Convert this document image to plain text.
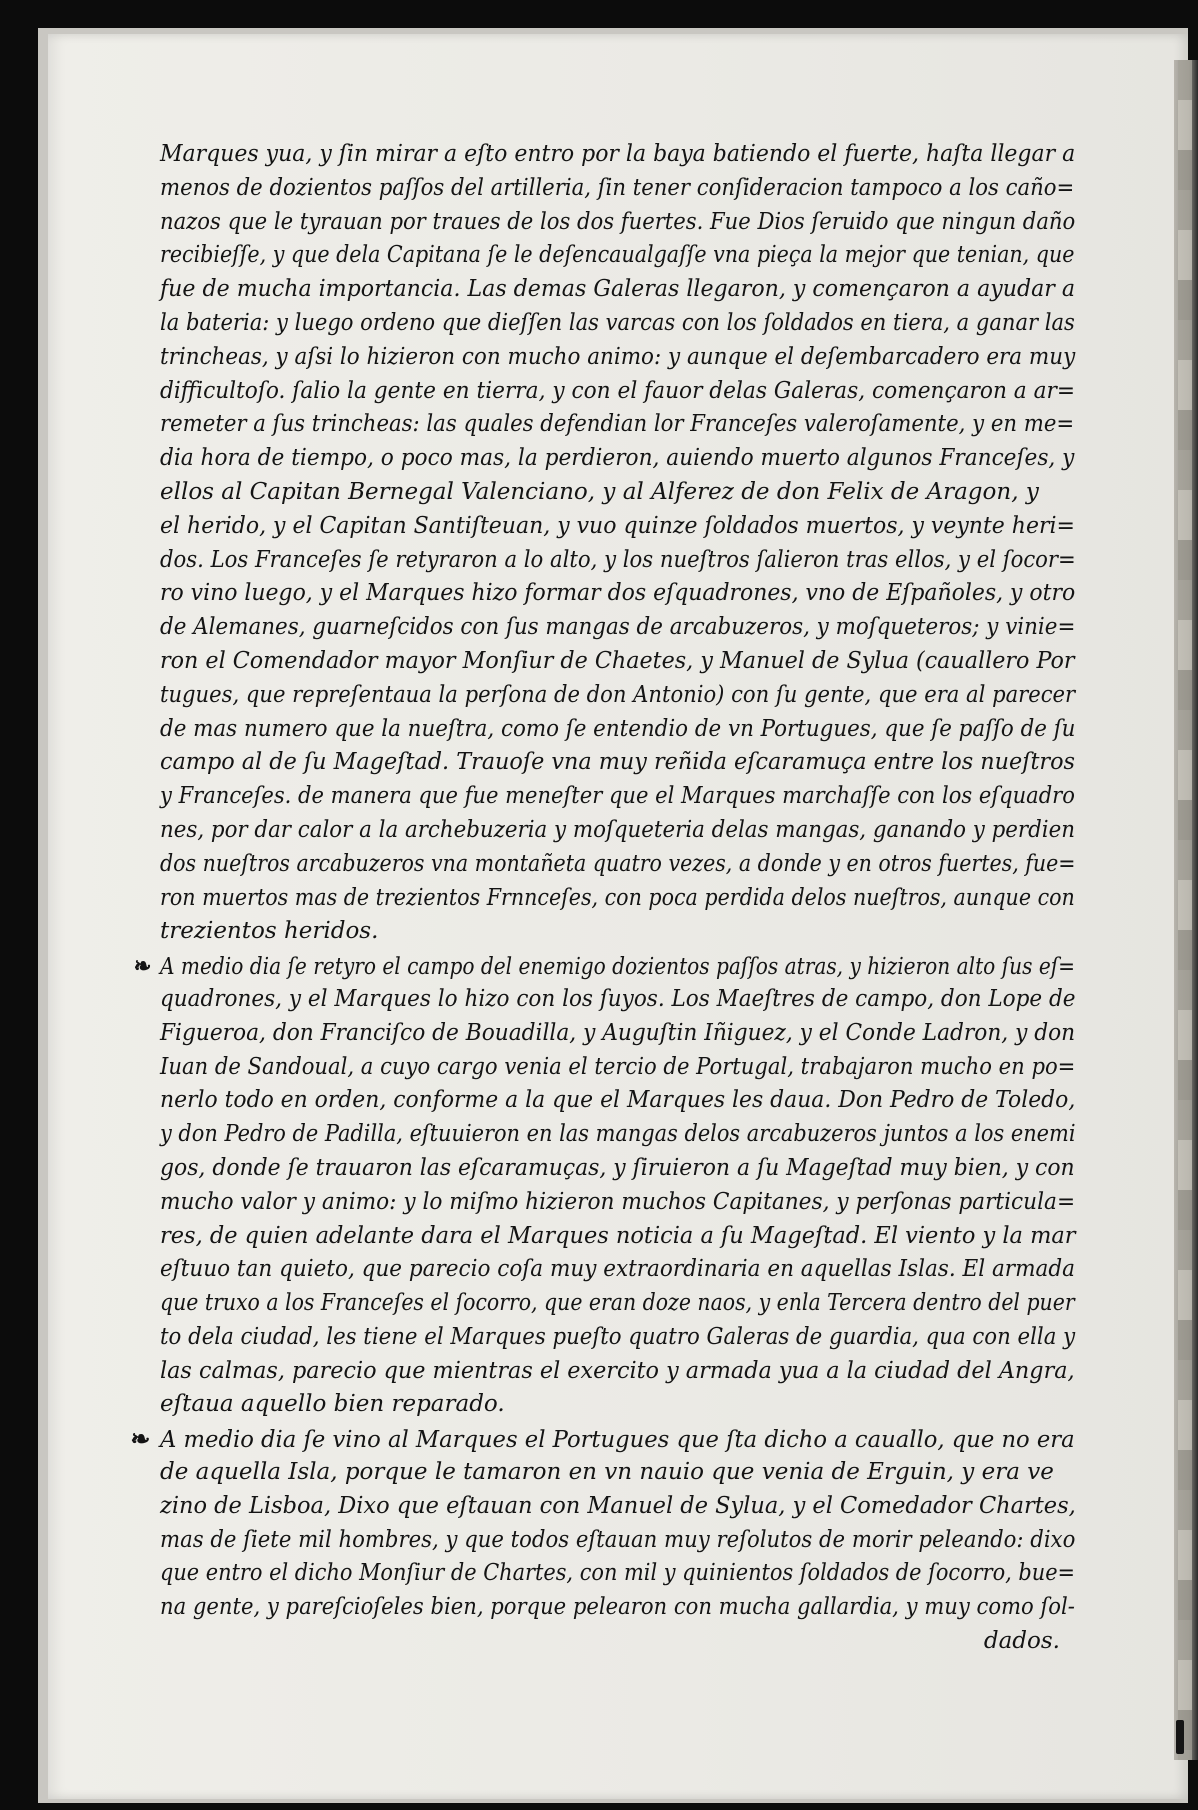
Marques yua, y ſin mirar a eſto entro por la baya batiendo el fuerte, haſta llegar a
menos de dozientos paſſos del artilleria, ſin tener conſideracion tampoco a los caño=
nazos que le tyrauan por traues de los dos fuertes. Fue Dios ſeruido que ningun daño
recibieſſe, y que dela Capitana ſe le deſencaualgaſſe vna pieça la mejor que tenian, que
fue de mucha importancia. Las demas Galeras llegaron, y començaron a ayudar a
la bateria: y luego ordeno que dieſſen las varcas con los ſoldados en tiera, a ganar las
trincheas, y aſsi lo hizieron con mucho animo: y aunque el deſembarcadero era muy
difficultoſo. ſalio la gente en tierra, y con el fauor delas Galeras, començaron a ar=
remeter a ſus trincheas: las quales defendian lor Franceſes valeroſamente, y en me=
dia hora de tiempo, o poco mas, la perdieron, auiendo muerto algunos Franceſes, y
ellos al Capitan Bernegal Valenciano, y al Alferez de don Felix de Aragon, y
el herido, y el Capitan Santiſteuan, y vuo quinze ſoldados muertos, y veynte heri=
dos. Los Franceſes ſe retyraron a lo alto, y los nueſtros ſalieron tras ellos, y el ſocor=
ro vino luego, y el Marques hizo formar dos eſquadrones, vno de Eſpañoles, y otro
de Alemanes, guarneſcidos con ſus mangas de arcabuzeros, y moſqueteros; y vinie=
ron el Comendador mayor Monſiur de Chaetes, y Manuel de Sylua (cauallero Por
tugues, que repreſentaua la perſona de don Antonio) con ſu gente, que era al parecer
de mas numero que la nueſtra, como ſe entendio de vn Portugues, que ſe paſſo de ſu
campo al de ſu Mageſtad. Trauoſe vna muy reñida eſcaramuça entre los nueſtros
y Franceſes. de manera que fue meneſter que el Marques marchaſſe con los eſquadro
nes, por dar calor a la archebuzeria y moſqueteria delas mangas, ganando y perdien
dos nueſtros arcabuzeros vna montañeta quatro vezes, a donde y en otros fuertes, fue=
ron muertos mas de trezientos Frnnceſes, con poca perdida delos nueſtros, aunque con
trezientos heridos.
❧ A medio dia ſe retyro el campo del enemigo dozientos paſſos atras, y hizieron alto ſus eſ=
quadrones, y el Marques lo hizo con los ſuyos. Los Maeſtres de campo, don Lope de
Figueroa, don Franciſco de Bouadilla, y Auguſtin Iñiguez, y el Conde Ladron, y don
Iuan de Sandoual, a cuyo cargo venia el tercio de Portugal, trabajaron mucho en po=
nerlo todo en orden, conforme a la que el Marques les daua. Don Pedro de Toledo,
y don Pedro de Padilla, eſtuuieron en las mangas delos arcabuzeros juntos a los enemi
gos, donde ſe trauaron las eſcaramuças, y ſiruieron a ſu Mageſtad muy bien, y con
mucho valor y animo: y lo miſmo hizieron muchos Capitanes, y perſonas particula=
res, de quien adelante dara el Marques noticia a ſu Mageſtad. El viento y la mar
eſtuuo tan quieto, que parecio coſa muy extraordinaria en aquellas Islas. El armada
que truxo a los Franceſes el ſocorro, que eran doze naos, y enla Tercera dentro del puer
to dela ciudad, les tiene el Marques pueſto quatro Galeras de guardia, qua con ella y
las calmas, parecio que mientras el exercito y armada yua a la ciudad del Angra,
eſtaua aquello bien reparado.
❧ A medio dia ſe vino al Marques el Portugues que ſta dicho a cauallo, que no era
de aquella Isla, porque le tamaron en vn nauio que venia de Erguin, y era ve
zino de Lisboa, Dixo que eſtauan con Manuel de Sylua, y el Comedador Chartes,
mas de ſiete mil hombres, y que todos eſtauan muy reſolutos de morir peleando: dixo
que entro el dicho Monſiur de Chartes, con mil y quinientos ſoldados de ſocorro, bue=
na gente, y pareſcioſeles bien, porque pelearon con mucha gallardia, y muy como ſol-
dados.
